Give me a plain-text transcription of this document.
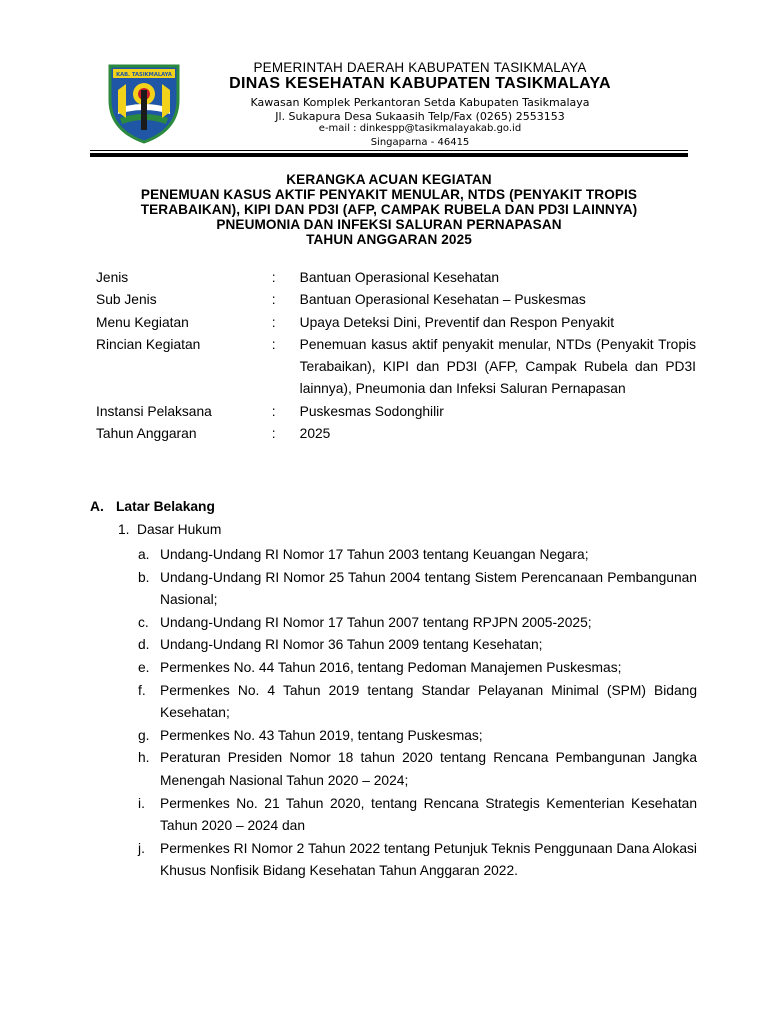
KAB. TASIKMALAYA	PEMERINTAH DAERAH KABUPATEN TASIKMALAYA
DINAS KESEHATAN KABUPATEN TASIKMALAYA
Kawasan Komplek Perkantoran Setda Kabupaten Tasikmalaya
Jl. Sukapura Desa Sukaasih Telp/Fax (0265) 2553153
e-mail : dinkespp@tasikmalayakab.go.id
Singaparna - 46415
KERANGKA ACUAN KEGIATAN
PENEMUAN KASUS AKTIF PENYAKIT MENULAR, NTDS (PENYAKIT TROPIS
TERABAIKAN), KIPI DAN PD3I (AFP, CAMPAK RUBELA DAN PD3I LAINNYA)
PNEUMONIA DAN INFEKSI SALURAN PERNAPASAN
TAHUN ANGGARAN 2025
Jenis	:	Bantuan Operasional Kesehatan
Sub Jenis	:	Bantuan Operasional Kesehatan – Puskesmas
Menu Kegiatan	:	Upaya Deteksi Dini, Preventif dan Respon Penyakit
Rincian Kegiatan	:	Penemuan kasus aktif penyakit menular, NTDs (Penyakit Tropis Terabaikan), KIPI dan PD3I (AFP, Campak Rubela dan PD3I lainnya), Pneumonia dan Infeksi Saluran Pernapasan
Instansi Pelaksana	:	Puskesmas Sodonghilir
Tahun Anggaran	:	2025
A. Latar Belakang
1. Dasar Hukum
a. Undang-Undang RI Nomor 17 Tahun 2003 tentang Keuangan Negara;
b. Undang-Undang RI Nomor 25 Tahun 2004 tentang Sistem Perencanaan Pembangunan Nasional;
c. Undang-Undang RI Nomor 17 Tahun 2007 tentang RPJPN 2005-2025;
d. Undang-Undang RI Nomor 36 Tahun 2009 tentang Kesehatan;
e. Permenkes No. 44 Tahun 2016, tentang Pedoman Manajemen Puskesmas;
f.	Permenkes No. 4 Tahun 2019 tentang Standar Pelayanan Minimal (SPM) Bidang Kesehatan;
g. Permenkes No. 43 Tahun 2019, tentang Puskesmas;
h. Peraturan Presiden Nomor 18 tahun 2020 tentang Rencana Pembangunan Jangka Menengah Nasional Tahun 2020 – 2024;
i.	Permenkes No. 21 Tahun 2020, tentang Rencana Strategis Kementerian Kesehatan Tahun 2020 – 2024 dan
j.	Permenkes RI Nomor 2 Tahun 2022 tentang Petunjuk Teknis Penggunaan Dana Alokasi Khusus Nonfisik Bidang Kesehatan Tahun Anggaran 2022.
